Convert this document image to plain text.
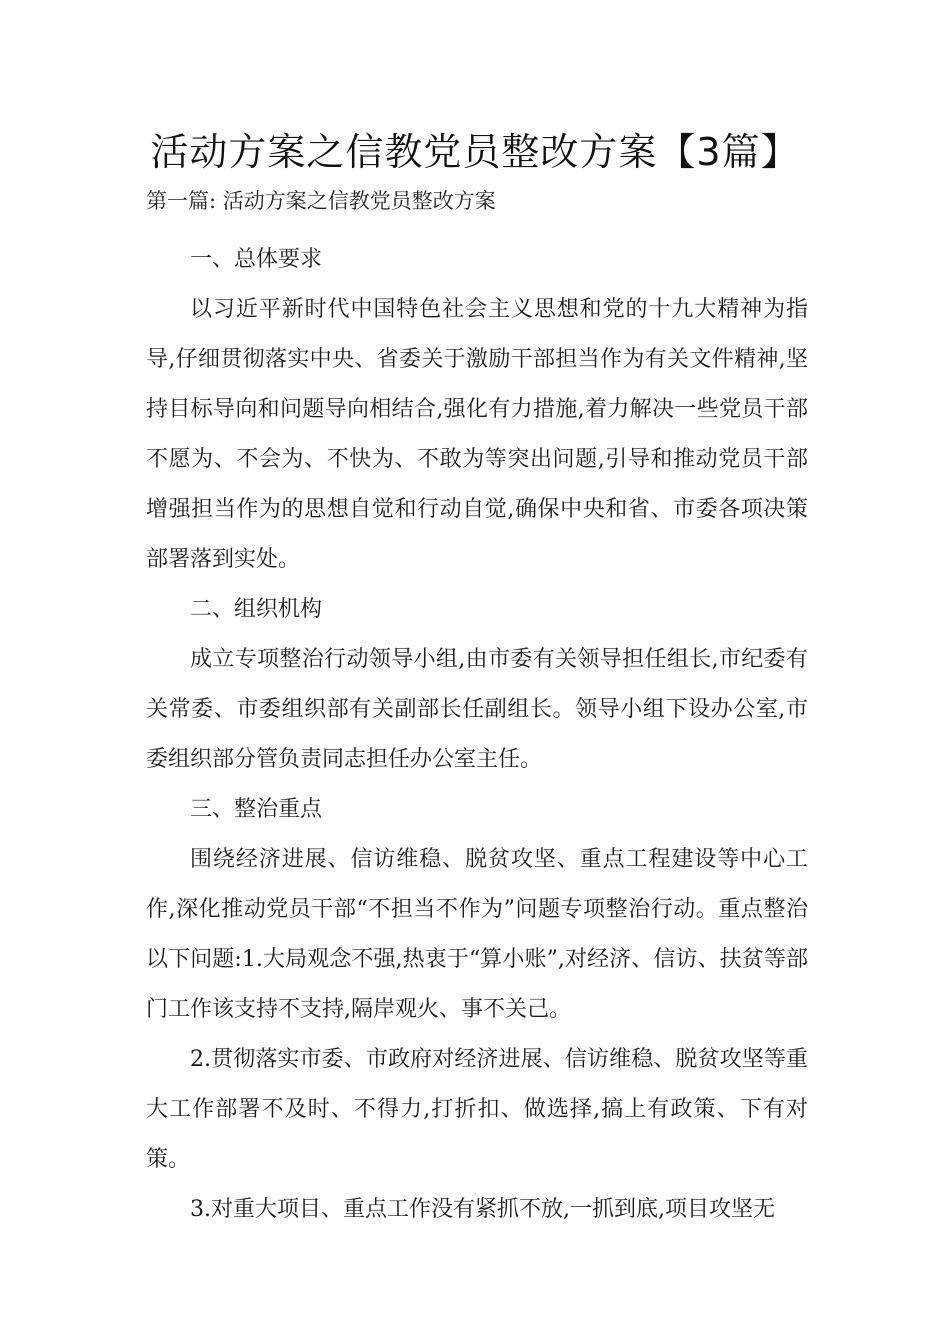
活动方案之信教党员整改方案【3篇】

第一篇: 活动方案之信教党员整改方案

一、总体要求

以习近平新时代中国特色社会主义思想和党的十九大精神为指导,仔细贯彻落实中央、省委关于激励干部担当作为有关文件精神,坚持目标导向和问题导向相结合,强化有力措施,着力解决一些党员干部不愿为、不会为、不快为、不敢为等突出问题,引导和推动党员干部增强担当作为的思想自觉和行动自觉,确保中央和省、市委各项决策部署落到实处。

二、组织机构

成立专项整治行动领导小组,由市委有关领导担任组长,市纪委有关常委、市委组织部有关副部长任副组长。领导小组下设办公室,市委组织部分管负责同志担任办公室主任。

三、整治重点

围绕经济进展、信访维稳、脱贫攻坚、重点工程建设等中心工作,深化推动党员干部“不担当不作为”问题专项整治行动。重点整治以下问题:1.大局观念不强,热衷于“算小账”,对经济、信访、扶贫等部门工作该支持不支持,隔岸观火、事不关己。

2.贯彻落实市委、市政府对经济进展、信访维稳、脱贫攻坚等重大工作部署不及时、不得力,打折扣、做选择,搞上有政策、下有对策。

3.对重大项目、重点工作没有紧抓不放,一抓到底,项目攻坚无
